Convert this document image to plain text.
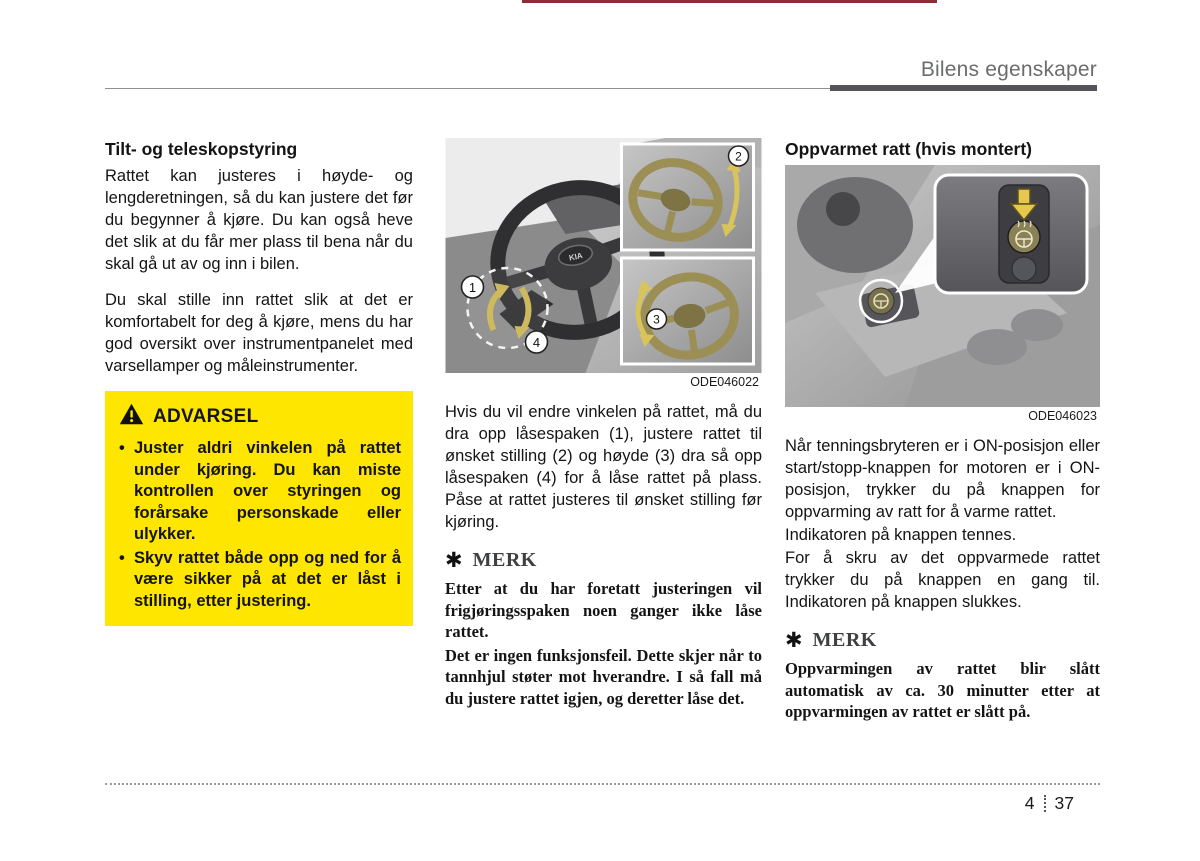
Bilens egenskaper
Tilt- og teleskopstyring

Rattet kan justeres i høyde- og lengderetningen, så du kan justere det før du begynner å kjøre. Du kan også heve det slik at du får mer plass til bena når du skal gå ut av og inn i bilen.

Du skal stille inn rattet slik at det er komfortabelt for deg å kjøre, mens du har god oversikt over instrumentpanelet med varsellamper og måleinstrumenter.

ADVARSEL
• Juster aldri vinkelen på rattet under kjøring. Du kan miste kontrollen over styringen og forårsake personskade eller ulykker.
• Skyv rattet både opp og ned for å være sikker på at det er låst i stilling, etter justering.
KIA
1
4
2
3
ODE046022

Hvis du vil endre vinkelen på rattet, må du dra opp låsespaken (1), justere rattet til ønsket stilling (2) og høyde (3) dra så opp låsespaken (4) for å låse rattet på plass. Påse at rattet justeres til ønsket stilling før kjøring.

✱ MERK

Etter at du har foretatt justeringen vil frigjøringsspaken noen ganger ikke låse rattet.

Det er ingen funksjonsfeil. Dette skjer når to tannhjul støter mot hverandre. I så fall må du justere rattet igjen, og deretter låse det.

Oppvarmet ratt (hvis montert)
ODE046023

Når tenningsbryteren er i ON-posisjon eller start/stopp-knappen for motoren er i ON-posisjon, trykker du på knappen for oppvarming av ratt for å varme rattet.

Indikatoren på knappen tennes.

For å skru av det oppvarmede rattet trykker du på knappen en gang til. Indikatoren på knappen slukkes.

✱ MERK

Oppvarmingen av rattet blir slått automatisk av ca. 30 minutter etter at oppvarmingen av rattet er slått på.

4 37
